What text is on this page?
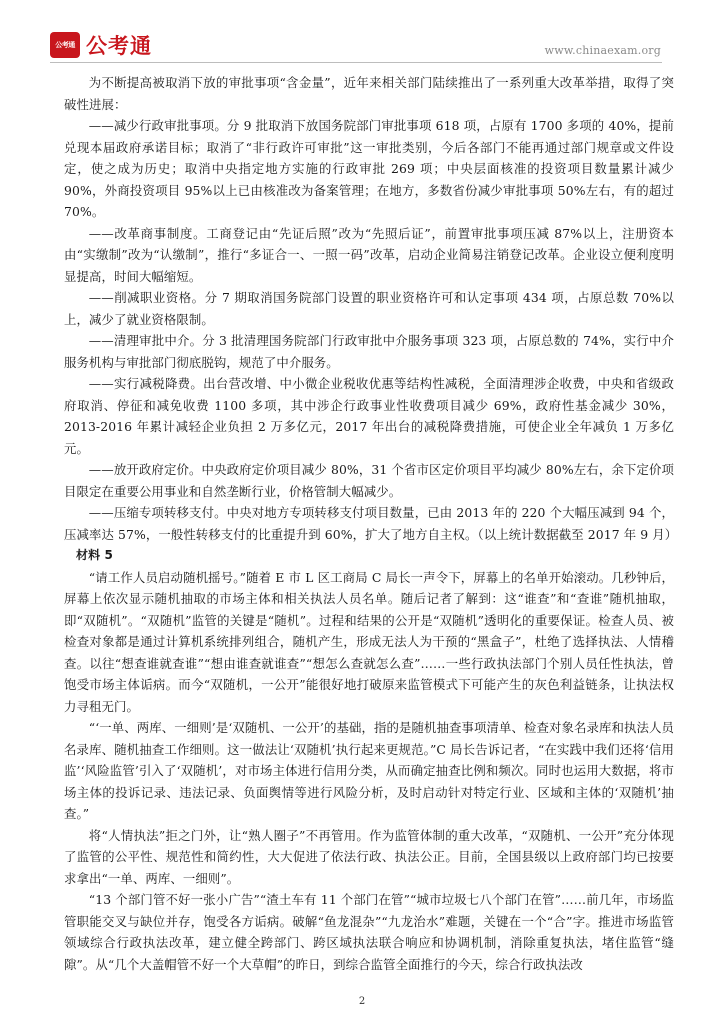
公考通 公考通	www.chinaexam.org

为不断提高被取消下放的审批事项“含金量”，近年来相关部门陆续推出了一系列重大改革举措，取得了突破性进展：

——减少行政审批事项。分 9 批取消下放国务院部门审批事项 618 项，占原有 1700 多项的 40%，提前兑现本届政府承诺目标；取消了“非行政许可审批”这一审批类别，今后各部门不能再通过部门规章或文件设定，使之成为历史；取消中央指定地方实施的行政审批 269 项；中央层面核准的投资项目数量累计减少 90%，外商投资项目 95%以上已由核准改为备案管理；在地方，多数省份减少审批事项 50%左右，有的超过 70%。

——改革商事制度。工商登记由“先证后照”改为“先照后证”，前置审批事项压减 87%以上，注册资本由“实缴制”改为“认缴制”，推行“多证合一、一照一码”改革，启动企业简易注销登记改革。企业设立便利度明显提高，时间大幅缩短。

——削减职业资格。分 7 期取消国务院部门设置的职业资格许可和认定事项 434 项，占原总数 70%以上，减少了就业资格限制。

——清理审批中介。分 3 批清理国务院部门行政审批中介服务事项 323 项，占原总数的 74%，实行中介服务机构与审批部门彻底脱钩，规范了中介服务。

——实行减税降费。出台营改增、中小微企业税收优惠等结构性减税，全面清理涉企收费，中央和省级政府取消、停征和减免收费 1100 多项，其中涉企行政事业性收费项目减少 69%，政府性基金减少 30%，2013-2016 年累计减轻企业负担 2 万多亿元，2017 年出台的减税降费措施，可使企业全年减负 1 万多亿元。

——放开政府定价。中央政府定价项目减少 80%，31 个省市区定价项目平均减少 80%左右，余下定价项目限定在重要公用事业和自然垄断行业，价格管制大幅减少。

——压缩专项转移支付。中央对地方专项转移支付项目数量，已由 2013 年的 220 个大幅压减到 94 个，压减率达 57%，一般性转移支付的比重提升到 60%，扩大了地方自主权。（以上统计数据截至 2017 年 9 月）

材料 5

“请工作人员启动随机摇号。”随着 E 市 L 区工商局 C 局长一声令下，屏幕上的名单开始滚动。几秒钟后，屏幕上依次显示随机抽取的市场主体和相关执法人员名单。随后记者了解到：这“谁查”和“查谁”随机抽取，即“双随机”。“双随机”监管的关键是“随机”。过程和结果的公开是“双随机”透明化的重要保证。检查人员、被检查对象都是通过计算机系统排列组合，随机产生，形成无法人为干预的“黑盒子”，杜绝了选择执法、人情稽查。以往“想查谁就查谁”“想由谁查就谁查”“想怎么查就怎么查”……一些行政执法部门个别人员任性执法，曾饱受市场主体诟病。而今“双随机，一公开”能很好地打破原来监管模式下可能产生的灰色利益链条，让执法权力寻租无门。

“‘一单、两库、一细则’是‘双随机、一公开’的基础，指的是随机抽查事项清单、检查对象名录库和执法人员名录库、随机抽查工作细则。这一做法让‘双随机’执行起来更规范。”C 局长告诉记者，“在实践中我们还将‘信用监’‘风险监管’引入了‘双随机’，对市场主体进行信用分类，从而确定抽查比例和频次。同时也运用大数据，将市场主体的投诉记录、违法记录、负面舆情等进行风险分析，及时启动针对特定行业、区域和主体的‘双随机’抽查。”

将“人情执法”拒之门外，让“熟人圈子”不再管用。作为监管体制的重大改革，“双随机、一公开”充分体现了监管的公平性、规范性和简约性，大大促进了依法行政、执法公正。目前，全国县级以上政府部门均已按要求拿出“一单、两库、一细则”。

“13 个部门管不好一张小广告”“渣土车有 11 个部门在管”“城市垃圾七八个部门在管”……前几年，市场监管职能交叉与缺位并存，饱受各方诟病。破解“鱼龙混杂”“九龙治水”难题，关键在一个“合”字。推进市场监管领域综合行政执法改革，建立健全跨部门、跨区域执法联合响应和协调机制，消除重复执法，堵住监管“缝隙”。从“几个大盖帽管不好一个大草帽”的昨日，到综合监管全面推行的今天，综合行政执法改

2
